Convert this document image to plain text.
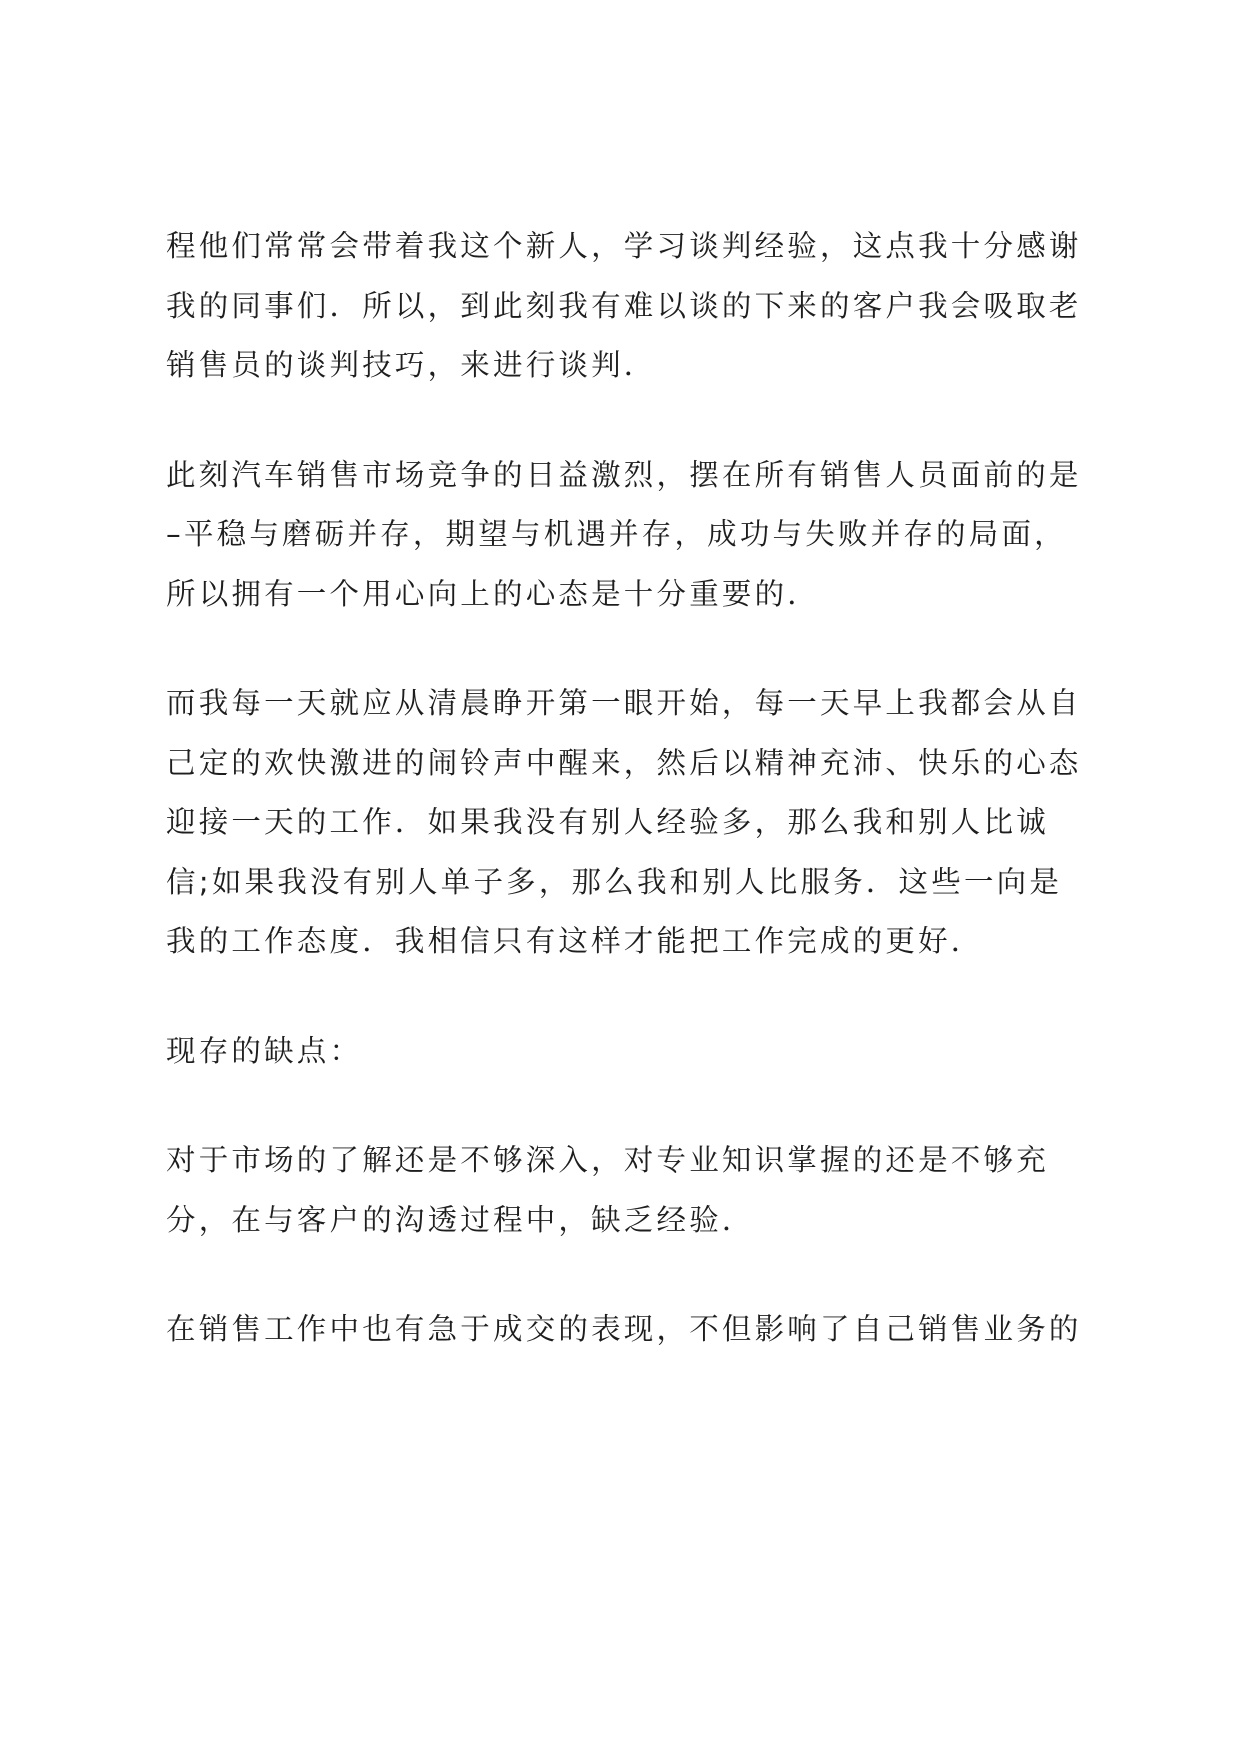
程他们常常会带着我这个新人，学习谈判经验，这点我十分感谢
我的同事们．所以，到此刻我有难以谈的下来的客户我会吸取老
销售员的谈判技巧，来进行谈判．

此刻汽车销售市场竞争的日益激烈，摆在所有销售人员面前的是
–平稳与磨砺并存，期望与机遇并存，成功与失败并存的局面，
所以拥有一个用心向上的心态是十分重要的．

而我每一天就应从清晨睁开第一眼开始，每一天早上我都会从自
己定的欢快激进的闹铃声中醒来，然后以精神充沛、快乐的心态
迎接一天的工作．如果我没有别人经验多，那么我和别人比诚
信;如果我没有别人单子多，那么我和别人比服务．这些一向是
我的工作态度．我相信只有这样才能把工作完成的更好．

现存的缺点：

对于市场的了解还是不够深入，对专业知识掌握的还是不够充
分，在与客户的沟透过程中，缺乏经验．

在销售工作中也有急于成交的表现，不但影响了自己销售业务的
